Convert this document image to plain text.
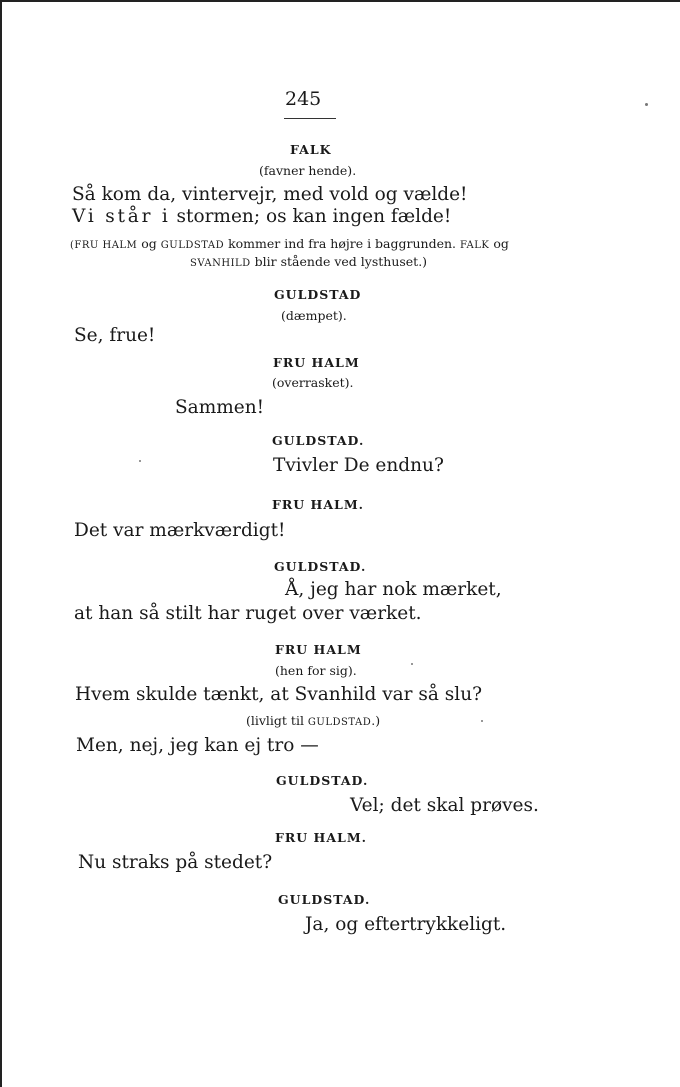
245
FALK
(favner hende).
Så kom da, vintervejr, med vold og vælde!
Vi står i stormen; os kan ingen fælde!
(FRU HALM og GULDSTAD kommer ind fra højre i baggrunden. FALK og
SVANHILD blir stående ved lysthuset.)
GULDSTAD
(dæmpet).
Se, frue!
FRU HALM
(overrasket).
Sammen!
GULDSTAD.
Tvivler De endnu?
FRU HALM.
Det var mærkværdigt!
GULDSTAD.
Å, jeg har nok mærket,
at han så stilt har ruget over værket.
FRU HALM
(hen for sig).
Hvem skulde tænkt, at Svanhild var så slu?
(livligt til GULDSTAD.)
Men, nej, jeg kan ej tro —
GULDSTAD.
Vel; det skal prøves.
FRU HALM.
Nu straks på stedet?
GULDSTAD.
Ja, og eftertrykkeligt.
